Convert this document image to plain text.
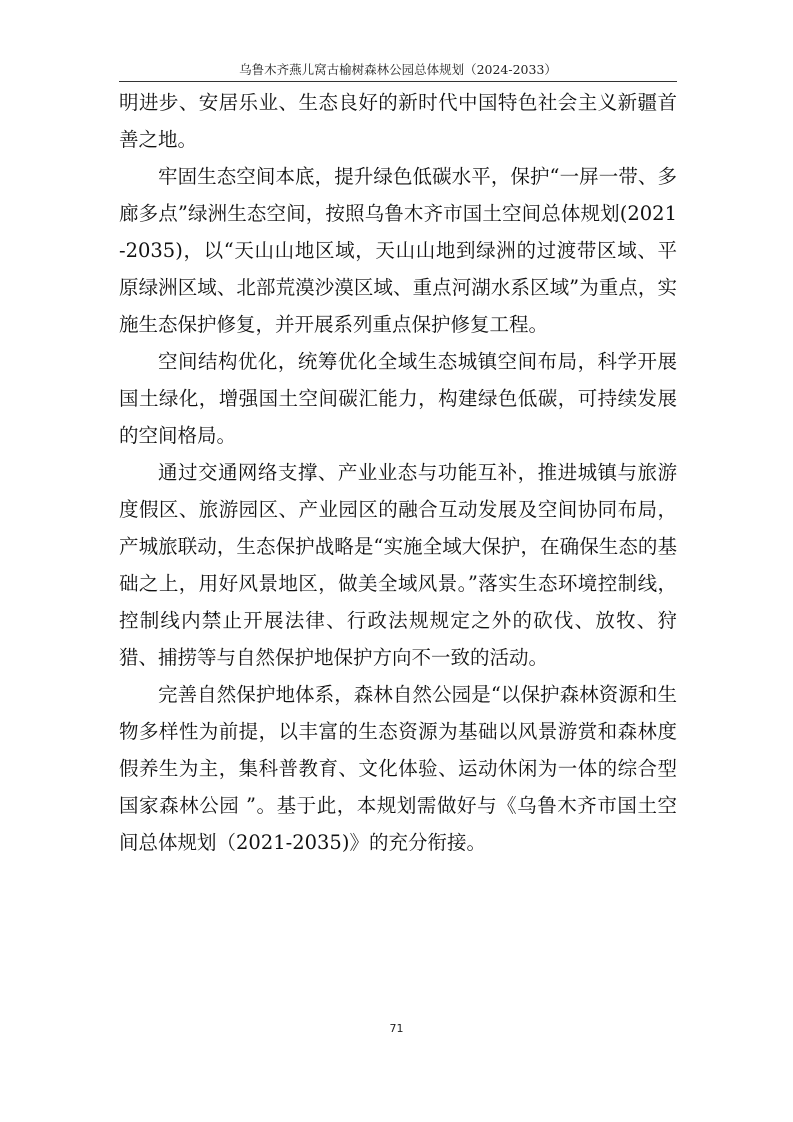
乌鲁木齐燕儿窝古榆树森林公园总体规划（2024-2033）

明进步、安居乐业、生态良好的新时代中国特色社会主义新疆首善之地。

牢固生态空间本底，提升绿色低碳水平，保护“一屏一带、多廊多点”绿洲生态空间，按照乌鲁木齐市国土空间总体规划(2021-2035)，以“天山山地区域，天山山地到绿洲的过渡带区域、平原绿洲区域、北部荒漠沙漠区域、重点河湖水系区域”为重点，实施生态保护修复，并开展系列重点保护修复工程。

空间结构优化，统筹优化全域生态城镇空间布局，科学开展国土绿化，增强国土空间碳汇能力，构建绿色低碳，可持续发展的空间格局。

通过交通网络支撑、产业业态与功能互补，推进城镇与旅游度假区、旅游园区、产业园区的融合互动发展及空间协同布局，产城旅联动，生态保护战略是“实施全域大保护，在确保生态的基础之上，用好风景地区，做美全域风景。”落实生态环境控制线，控制线内禁止开展法律、行政法规规定之外的砍伐、放牧、狩猎、捕捞等与自然保护地保护方向不一致的活动。

完善自然保护地体系，森林自然公园是“以保护森林资源和生物多样性为前提，以丰富的生态资源为基础以风景游赏和森林度假养生为主，集科普教育、文化体验、运动休闲为一体的综合型国家森林公园 ”。基于此，本规划需做好与《乌鲁木齐市国土空间总体规划（2021-2035)》的充分衔接。

71
